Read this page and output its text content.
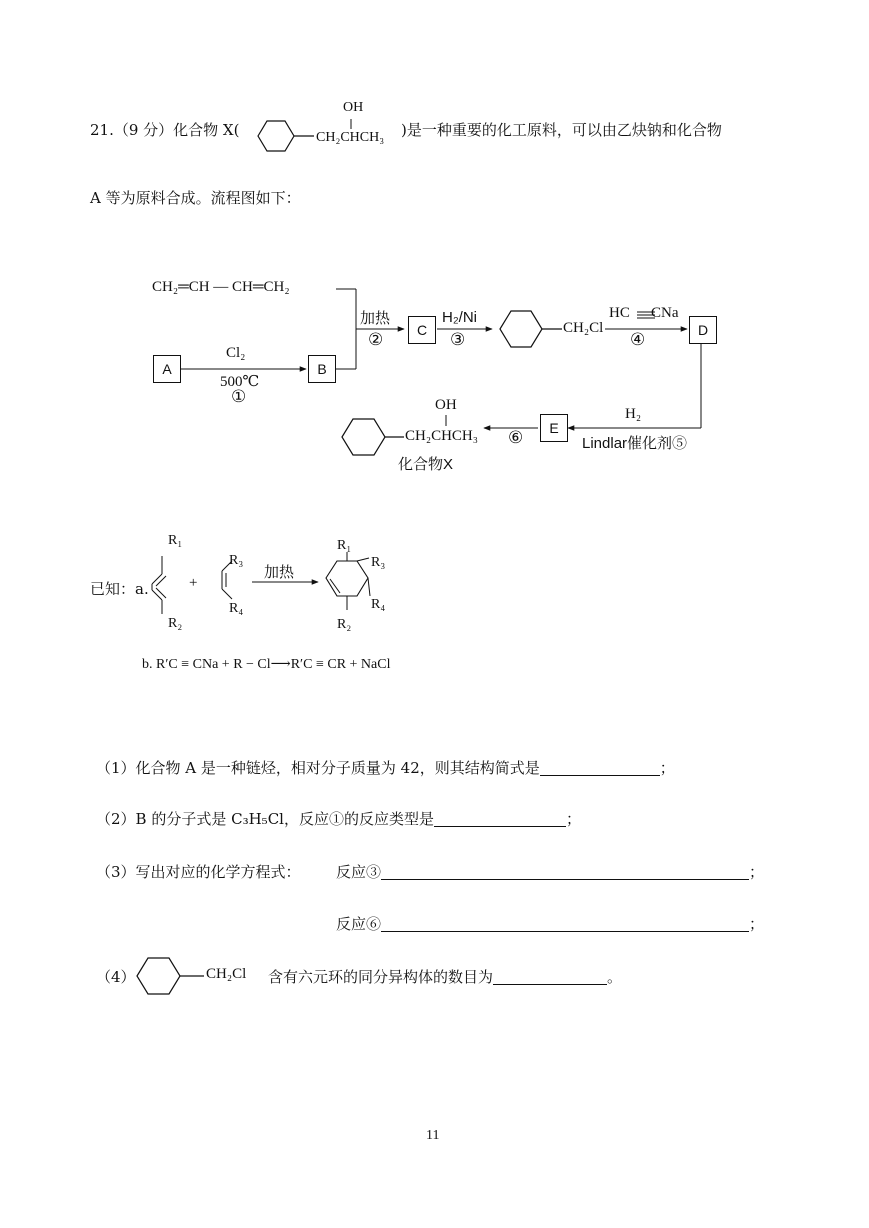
21.（9 分）化合物 X(	)是一种重要的化工原料，可以由乙炔钠和化合物
OH
CH₂CHCH₃
A 等为原料合成。流程图如下：
CH₂═CH — CH═CH₂
A
Cl₂
500℃
①
B
加热
②	C
H₂/Ni
③
CH₂Cl
HC CNa
④	D
H₂
Lindlar催化剂⑤
E
⑥
OH
CH₂CHCH₃
化合物X
已知：a.
R₁
R₂
+
R₃
R₄
加热
R₁
R₃
R₄
R₂
b. R′C ≡ CNa + R − Cl⟶R′C ≡ CR + NaCl
（1）化合物 A 是一种链烃，相对分子质量为 42，则其结构简式是	；
（2）B 的分子式是 C₃H₅Cl，反应①的反应类型是	；
（3）写出对应的化学方程式： 反应③	；
反应⑥	；
（4）	CH₂Cl 含有六元环的同分异构体的数目为	。
11
